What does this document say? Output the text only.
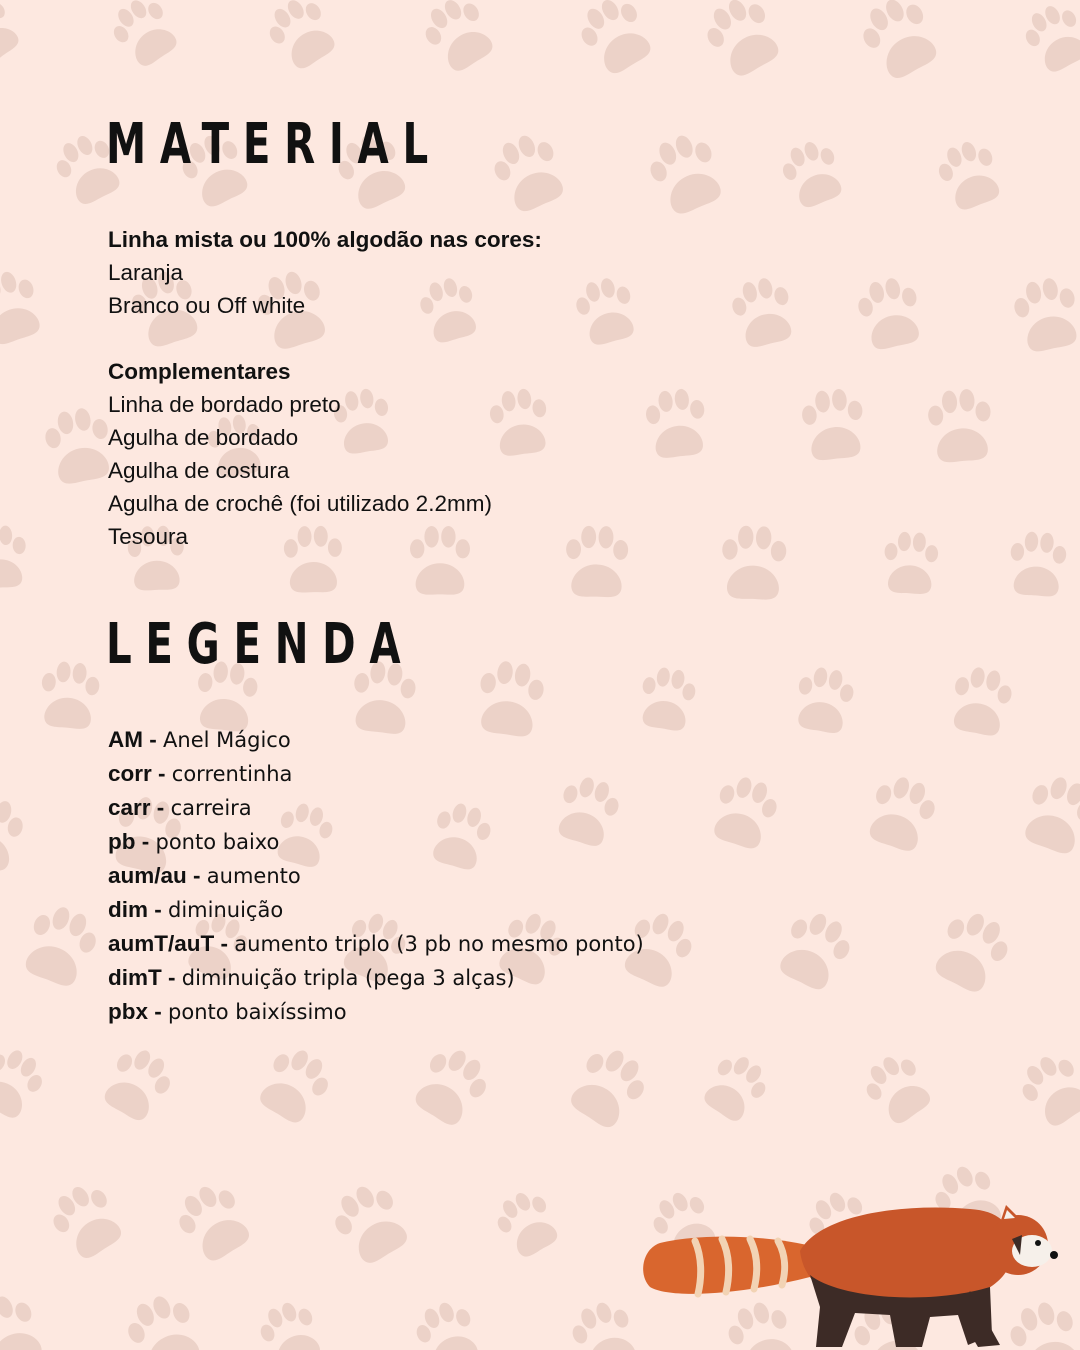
MATERIAL

Linha mista ou 100% algodão nas cores:

Laranja

Branco ou Off white

Complementares

Linha de bordado preto

Agulha de bordado

Agulha de costura

Agulha de crochê (foi utilizado 2.2mm)

Tesoura

LEGENDA
AM - Anel Mágico
corr - correntinha
carr - carreira
pb - ponto baixo
aum/au - aumento
dim - diminuição
aumT/auT - aumento triplo (3 pb no mesmo ponto)
dimT - diminuição tripla (pega 3 alças)
pbx - ponto baixíssimo
